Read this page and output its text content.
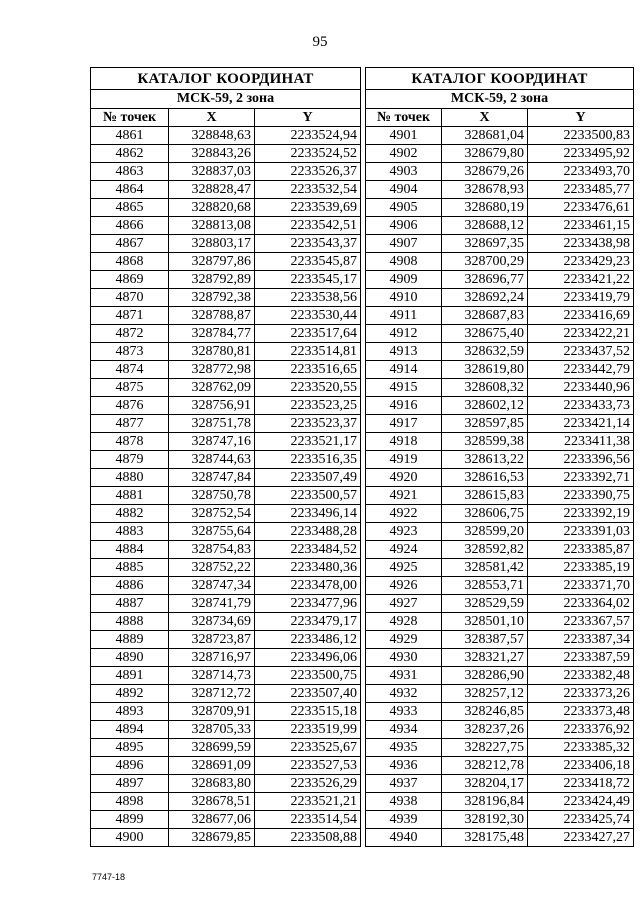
95
КАТАЛОГ КООРДИНАТ		
МСК-59, 2 зона		
№ точек	X	Y
4861	328848,63	2233524,94
4862	328843,26	2233524,52
4863	328837,03	2233526,37
4864	328828,47	2233532,54
4865	328820,68	2233539,69
4866	328813,08	2233542,51
4867	328803,17	2233543,37
4868	328797,86	2233545,87
4869	328792,89	2233545,17
4870	328792,38	2233538,56
4871	328788,87	2233530,44
4872	328784,77	2233517,64
4873	328780,81	2233514,81
4874	328772,98	2233516,65
4875	328762,09	2233520,55
4876	328756,91	2233523,25
4877	328751,78	2233523,37
4878	328747,16	2233521,17
4879	328744,63	2233516,35
4880	328747,84	2233507,49
4881	328750,78	2233500,57
4882	328752,54	2233496,14
4883	328755,64	2233488,28
4884	328754,83	2233484,52
4885	328752,22	2233480,36
4886	328747,34	2233478,00
4887	328741,79	2233477,96
4888	328734,69	2233479,17
4889	328723,87	2233486,12
4890	328716,97	2233496,06
4891	328714,73	2233500,75
4892	328712,72	2233507,40
4893	328709,91	2233515,18
4894	328705,33	2233519,99
4895	328699,59	2233525,67
4896	328691,09	2233527,53
4897	328683,80	2233526,29
4898	328678,51	2233521,21
4899	328677,06	2233514,54
4900	328679,85	2233508,88
КАТАЛОГ КООРДИНАТ		
МСК-59, 2 зона		
№ точек	X	Y
4901	328681,04	2233500,83
4902	328679,80	2233495,92
4903	328679,26	2233493,70
4904	328678,93	2233485,77
4905	328680,19	2233476,61
4906	328688,12	2233461,15
4907	328697,35	2233438,98
4908	328700,29	2233429,23
4909	328696,77	2233421,22
4910	328692,24	2233419,79
4911	328687,83	2233416,69
4912	328675,40	2233422,21
4913	328632,59	2233437,52
4914	328619,80	2233442,79
4915	328608,32	2233440,96
4916	328602,12	2233433,73
4917	328597,85	2233421,14
4918	328599,38	2233411,38
4919	328613,22	2233396,56
4920	328616,53	2233392,71
4921	328615,83	2233390,75
4922	328606,75	2233392,19
4923	328599,20	2233391,03
4924	328592,82	2233385,87
4925	328581,42	2233385,19
4926	328553,71	2233371,70
4927	328529,59	2233364,02
4928	328501,10	2233367,57
4929	328387,57	2233387,34
4930	328321,27	2233387,59
4931	328286,90	2233382,48
4932	328257,12	2233373,26
4933	328246,85	2233373,48
4934	328237,26	2233376,92
4935	328227,75	2233385,32
4936	328212,78	2233406,18
4937	328204,17	2233418,72
4938	328196,84	2233424,49
4939	328192,30	2233425,74
4940	328175,48	2233427,27
7747-18
